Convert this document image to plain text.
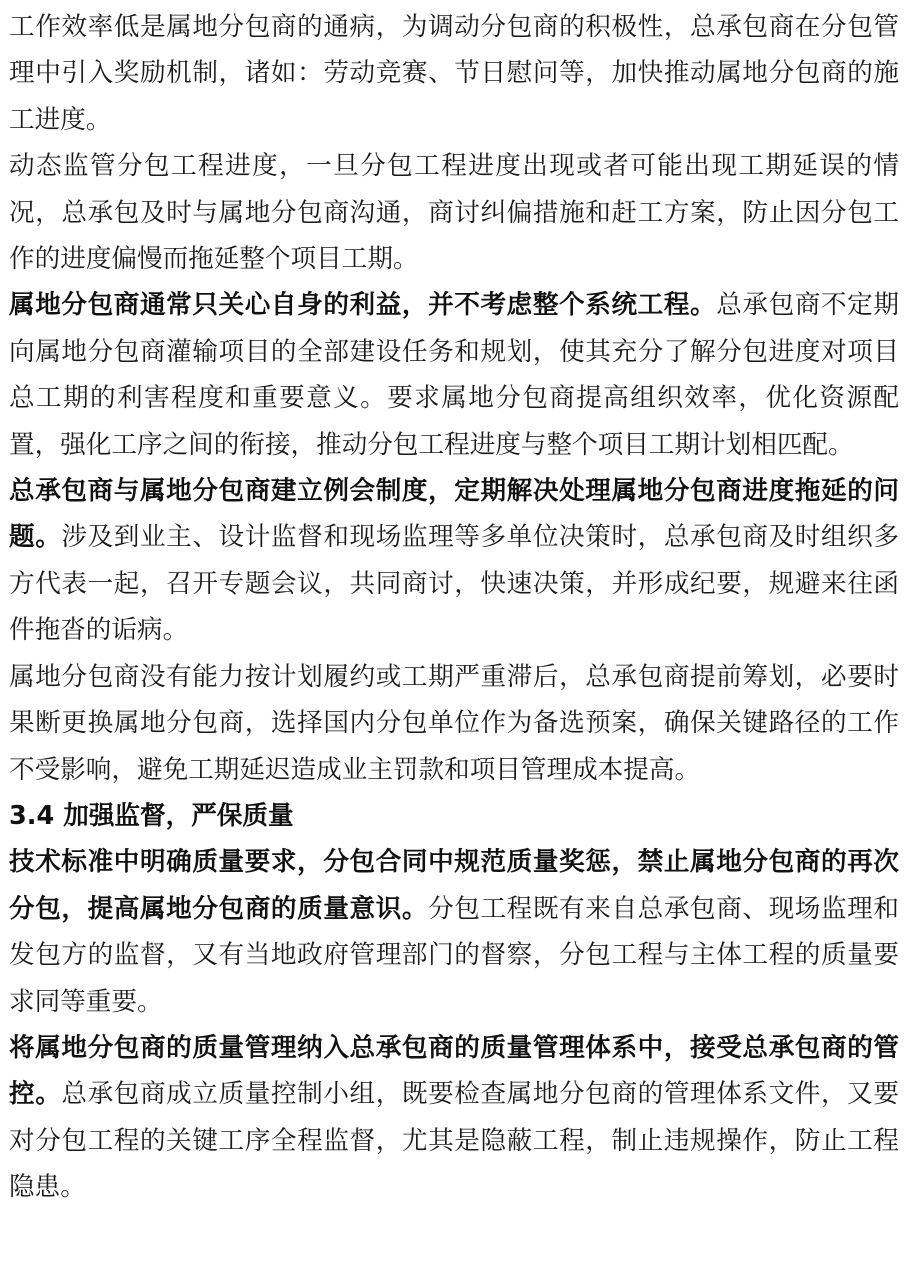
工作效率低是属地分包商的通病，为调动分包商的积极性，总承包商在分包管理中引入奖励机制，诸如：劳动竞赛、节日慰问等，加快推动属地分包商的施工进度。

动态监管分包工程进度，一旦分包工程进度出现或者可能出现工期延误的情况，总承包及时与属地分包商沟通，商讨纠偏措施和赶工方案，防止因分包工作的进度偏慢而拖延整个项目工期。

属地分包商通常只关心自身的利益，并不考虑整个系统工程。总承包商不定期向属地分包商灌输项目的全部建设任务和规划，使其充分了解分包进度对项目总工期的利害程度和重要意义。要求属地分包商提高组织效率，优化资源配置，强化工序之间的衔接，推动分包工程进度与整个项目工期计划相匹配。

总承包商与属地分包商建立例会制度，定期解决处理属地分包商进度拖延的问题。涉及到业主、设计监督和现场监理等多单位决策时，总承包商及时组织多方代表一起，召开专题会议，共同商讨，快速决策，并形成纪要，规避来往函件拖沓的诟病。

属地分包商没有能力按计划履约或工期严重滞后，总承包商提前筹划，必要时果断更换属地分包商，选择国内分包单位作为备选预案，确保关键路径的工作不受影响，避免工期延迟造成业主罚款和项目管理成本提高。

3.4 加强监督，严保质量

技术标准中明确质量要求，分包合同中规范质量奖惩，禁止属地分包商的再次分包，提高属地分包商的质量意识。分包工程既有来自总承包商、现场监理和发包方的监督，又有当地政府管理部门的督察，分包工程与主体工程的质量要求同等重要。

将属地分包商的质量管理纳入总承包商的质量管理体系中，接受总承包商的管控。总承包商成立质量控制小组，既要检查属地分包商的管理体系文件，又要对分包工程的关键工序全程监督，尤其是隐蔽工程，制止违规操作，防止工程隐患。
